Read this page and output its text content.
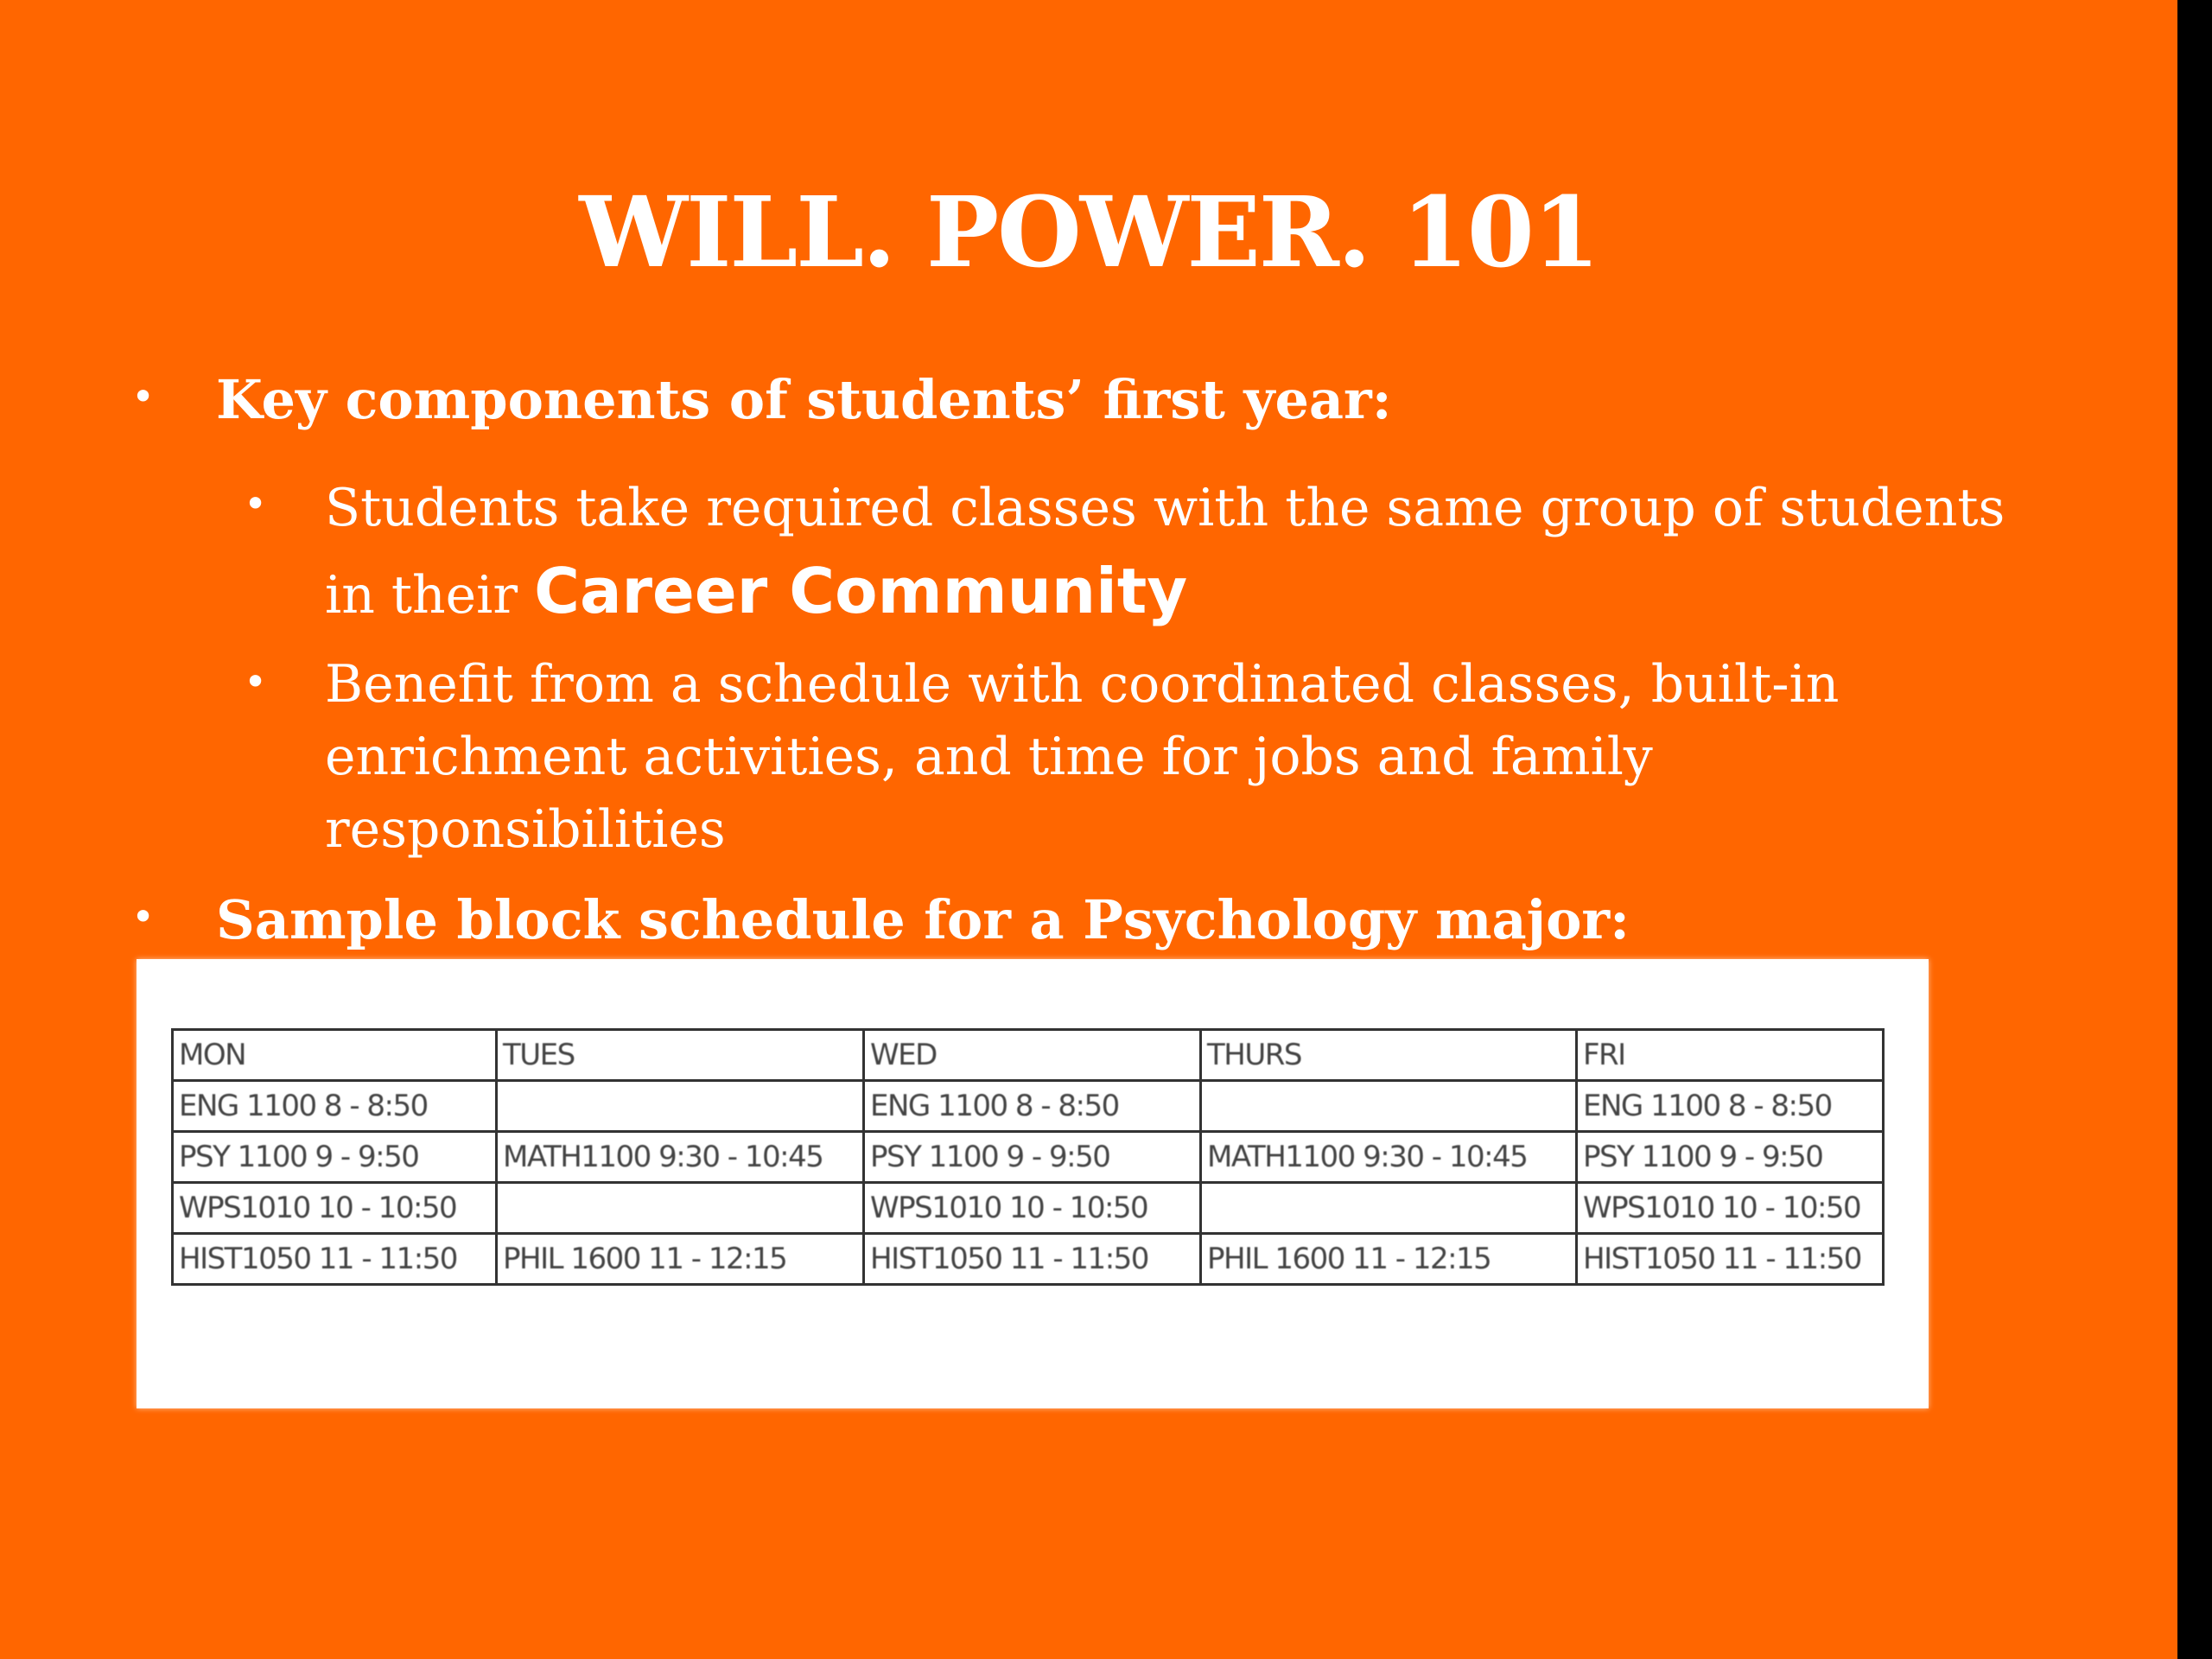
WILL. POWER. 101
• Key components of students’ first year:
• Students take required classes with the same group of students in their Career Community
• Benefit from a schedule with coordinated classes, built-in enrichment activities, and time for jobs and family responsibilities
• Sample block schedule for a Psychology major:
MON	TUES	WED	THURS	FRI
ENG 1100 8 - 8:50		ENG 1100 8 - 8:50		ENG 1100 8 - 8:50
PSY 1100 9 - 9:50	MATH1100 9:30 - 10:45	PSY 1100 9 - 9:50	MATH1100 9:30 - 10:45	PSY 1100 9 - 9:50
WPS1010 10 - 10:50		WPS1010 10 - 10:50		WPS1010 10 - 10:50
HIST1050 11 - 11:50	PHIL 1600 11 - 12:15	HIST1050 11 - 11:50	PHIL 1600 11 - 12:15	HIST1050 11 - 11:50
